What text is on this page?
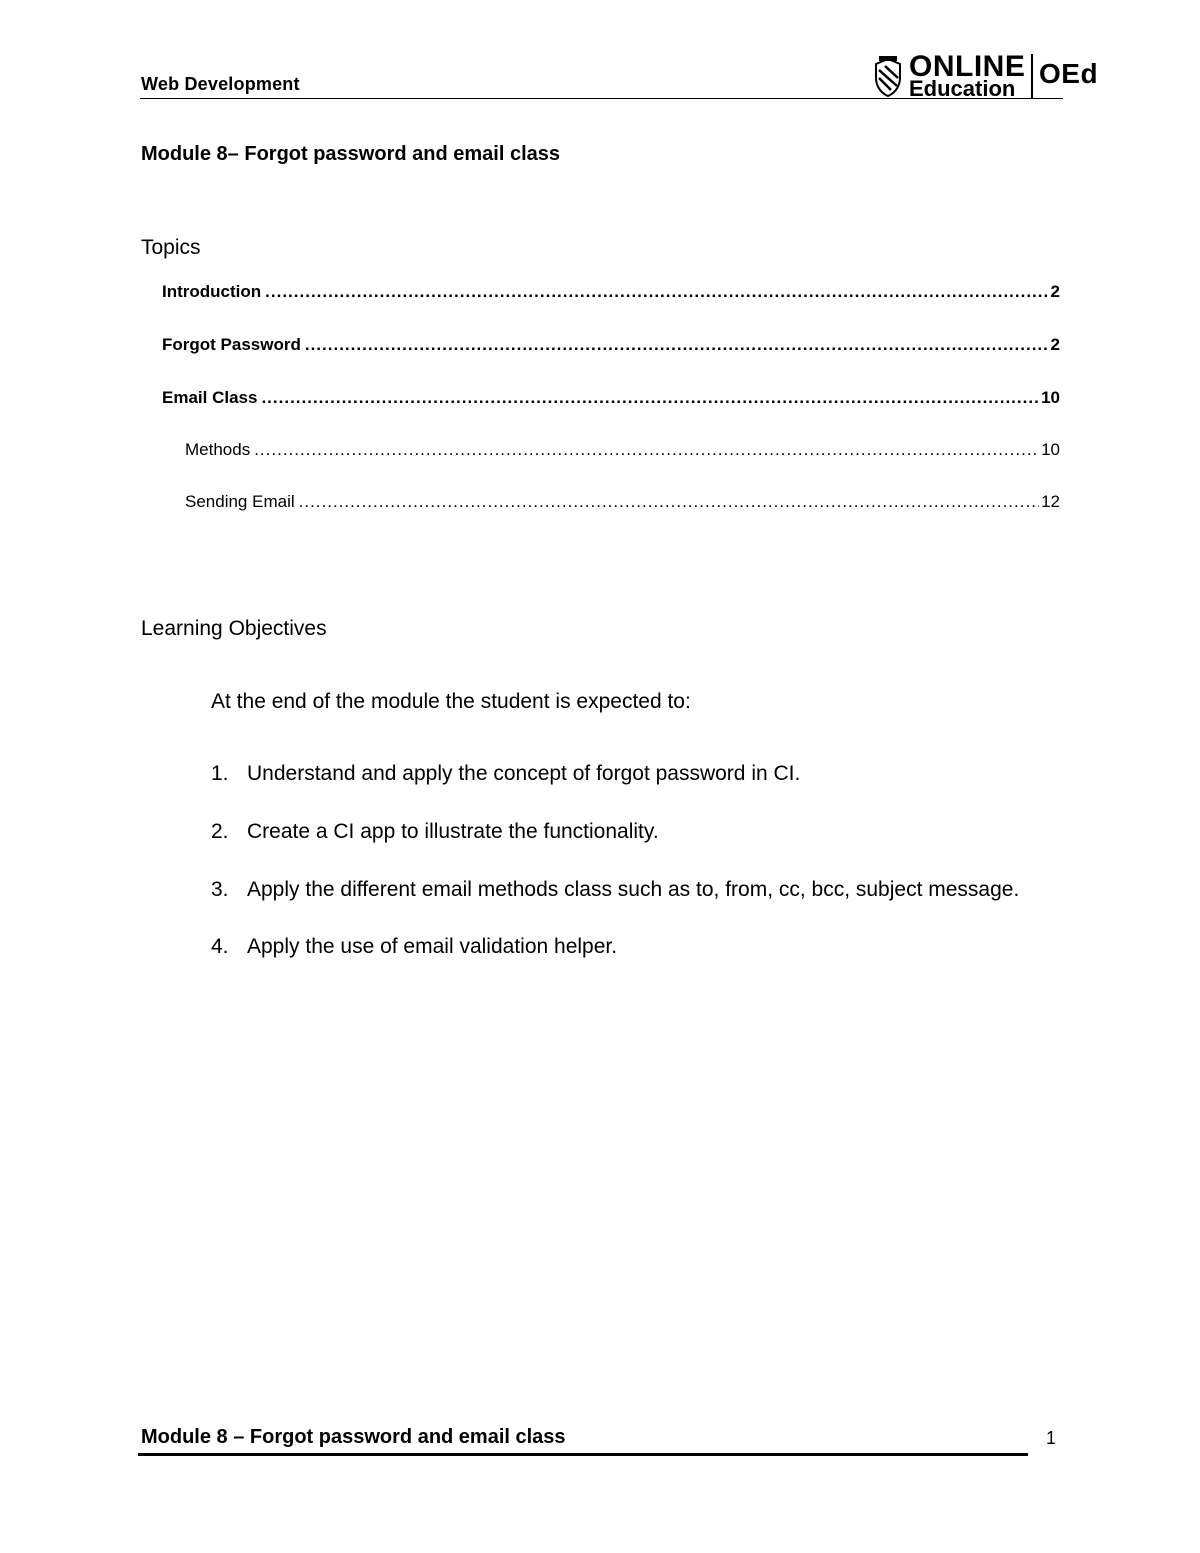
Web Development
ONLINE
Education OEd
Module 8– Forgot password and email class
Topics
Introduction .....	2
Forgot Password .....	2
Email Class .....	10
Methods .....	10
Sending Email .....	12
Learning Objectives
At the end of the module the student is expected to:
1. Understand and apply the concept of forgot password in CI.
2. Create a CI app to illustrate the functionality.
3. Apply the different email methods class such as to, from, cc, bcc, subject message.
4. Apply the use of email validation helper.
Module 8 – Forgot password and email class	1
